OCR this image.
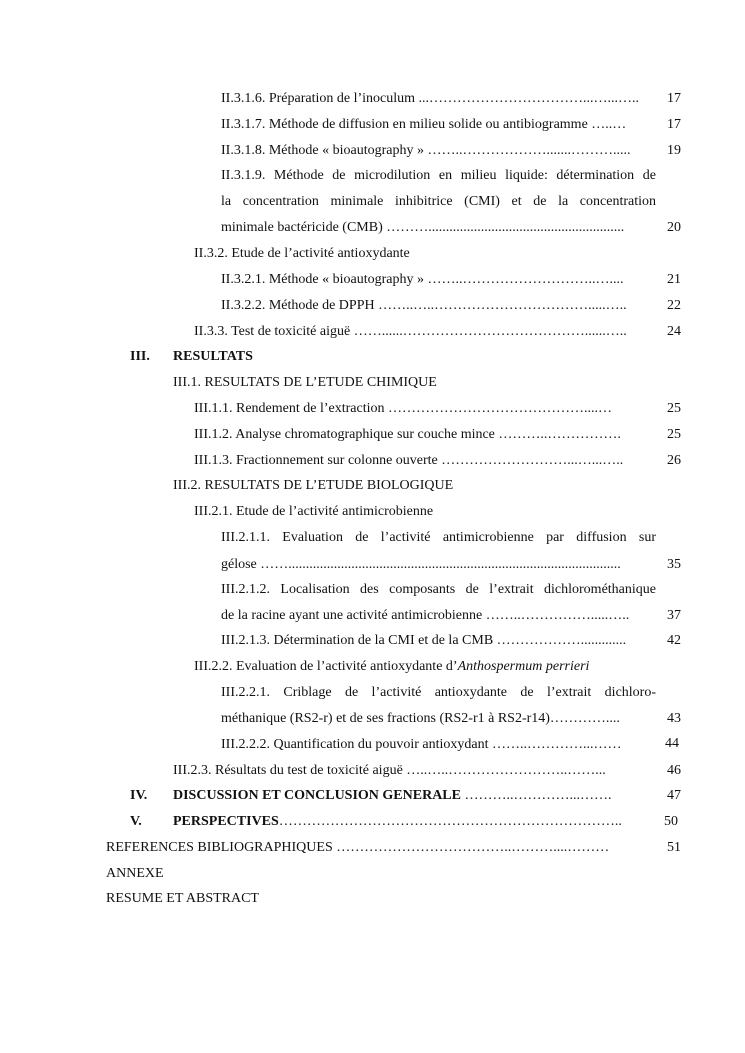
II.3.1.6. Préparation de l’inoculum ...……………………………...…...…..	17
II.3.1.7. Méthode de diffusion en milieu solide ou antibiogramme …..…	17
II.3.1.8. Méthode « bioautography » ……..……………….......……….....	19
II.3.1.9. Méthode de microdilution en milieu liquide: détermination de
la concentration minimale inhibitrice (CMI) et de la concentration
minimale bactéricide (CMB) ………........................................................	20
II.3.2. Etude de l’activité antioxydante
II.3.2.1. Méthode « bioautography » ……..………………………..…....	21
II.3.2.2. Méthode de DPPH ……..…..…………………………….....…..	22
II.3.3. Test de toxicité aiguë ……......…………………………………......…..	24
III. RESULTATS
III.1. RESULTATS DE L’ETUDE CHIMIQUE
III.1.1. Rendement de l’extraction ……………………………………....…	25
III.1.2. Analyse chromatographique sur couche mince ………..…………….	25
III.1.3. Fractionnement sur colonne ouverte ………………………...…...…..	26
III.2. RESULTATS DE L’ETUDE BIOLOGIQUE
III.2.1. Etude de l’activité antimicrobienne
III.2.1.1. Evaluation de l’activité antimicrobienne par diffusion sur
gélose ……...............................................................................................	35
III.2.1.2. Localisation des composants de l’extrait dichlorométhanique
de la racine ayant une activité antimicrobienne ……..…………….....…..	37
III.2.1.3. Détermination de la CMI et de la CMB ……………….............	42
III.2.2. Evaluation de l’activité antioxydante d’Anthospermum perrieri
III.2.2.1. Criblage de l’activité antioxydante de l’extrait dichloro-
méthanique (RS2-r) et de ses fractions (RS2-r1 à RS2-r14)…………....	43
III.2.2.2. Quantification du pouvoir antioxydant ……..…………...……	44
III.2.3. Résultats du test de toxicité aiguë …..…..……………………..……...	46
IV. DISCUSSION ET CONCLUSION GENERALE ………..…………...…….	47
V. PERSPECTIVES………………………………………………………………..	50
REFERENCES BIBLIOGRAPHIQUES ………………………………..………....………	51
ANNEXE
RESUME ET ABSTRACT
